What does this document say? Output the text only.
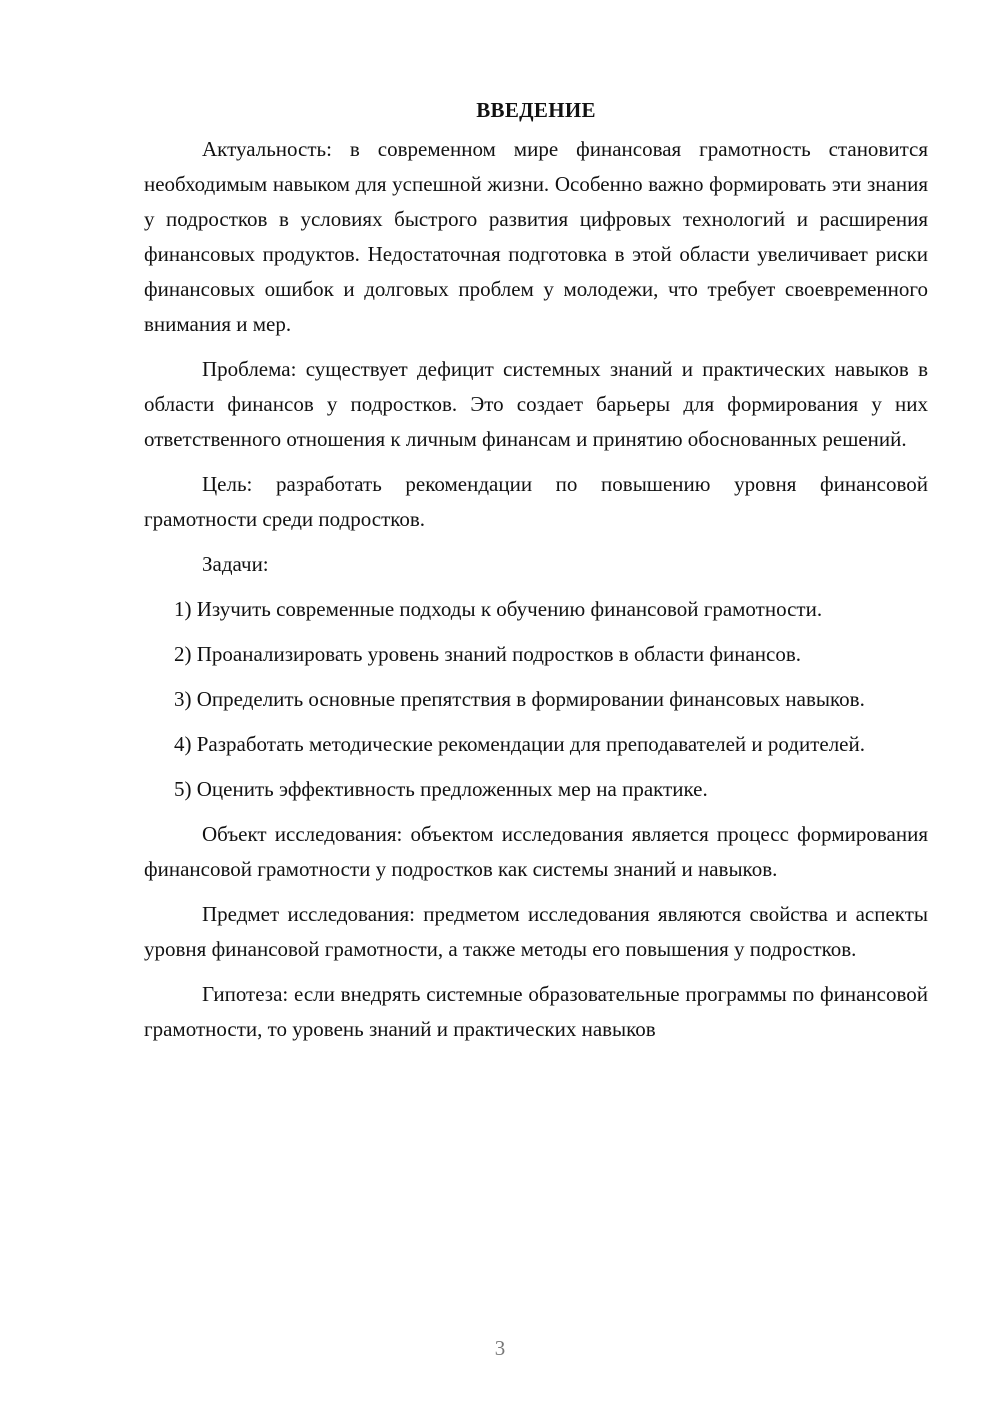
ВВЕДЕНИЕ

Актуальность: в современном мире финансовая грамотность становится необходимым навыком для успешной жизни. Особенно важно формировать эти знания у подростков в условиях быстрого развития цифровых технологий и расширения финансовых продуктов. Недостаточная подготовка в этой области увеличивает риски финансовых ошибок и долговых проблем у молодежи, что требует своевременного внимания и мер.

Проблема: существует дефицит системных знаний и практических навыков в области финансов у подростков. Это создает барьеры для формирования у них ответственного отношения к личным финансам и принятию обоснованных решений.

Цель: разработать рекомендации по повышению уровня финансовой грамотности среди подростков.

Задачи:

1) Изучить современные подходы к обучению финансовой грамотности.

2) Проанализировать уровень знаний подростков в области финансов.

3) Определить основные препятствия в формировании финансовых навыков.

4) Разработать методические рекомендации для преподавателей и родителей.

5) Оценить эффективность предложенных мер на практике.

Объект исследования: объектом исследования является процесс формирования финансовой грамотности у подростков как системы знаний и навыков.

Предмет исследования: предметом исследования являются свойства и аспекты уровня финансовой грамотности, а также методы его повышения у подростков.

Гипотеза: если внедрять системные образовательные программы по финансовой грамотности, то уровень знаний и практических навыков

3
